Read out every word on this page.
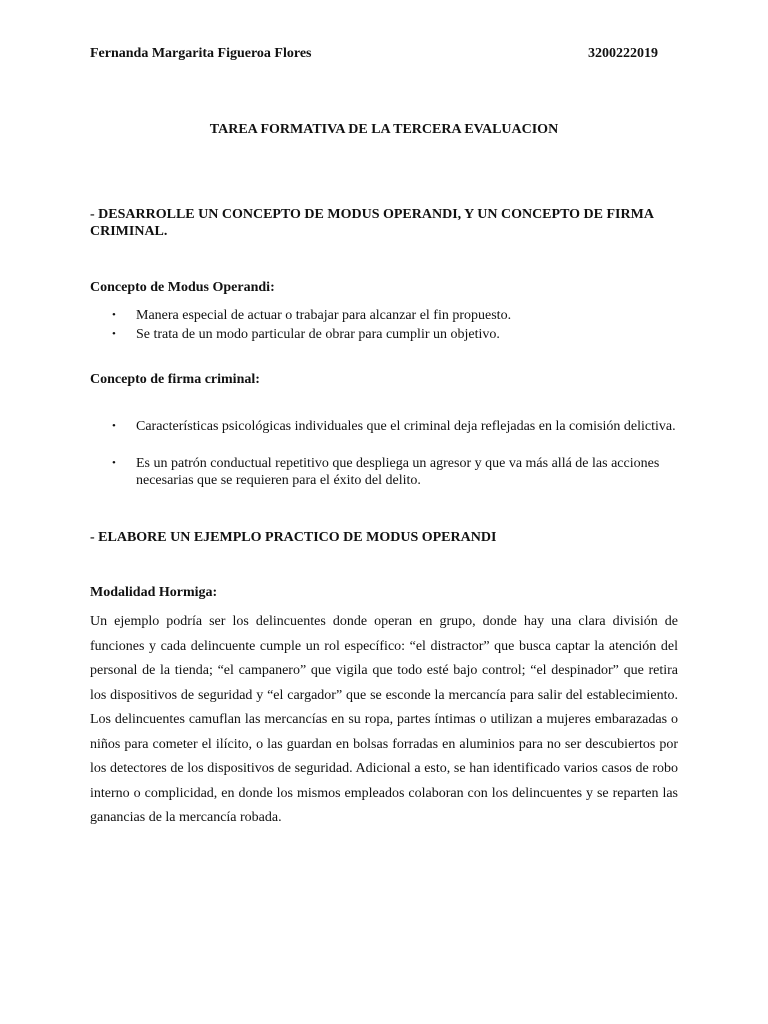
Fernanda Margarita Figueroa Flores	3200222019
TAREA FORMATIVA DE LA TERCERA EVALUACION
- DESARROLLE UN CONCEPTO DE MODUS OPERANDI, Y UN CONCEPTO DE FIRMA CRIMINAL.
Concepto de Modus Operandi:
•	Manera especial de actuar o trabajar para alcanzar el fin propuesto.
•	Se trata de un modo particular de obrar para cumplir un objetivo.
Concepto de firma criminal:
•	Características psicológicas individuales que el criminal deja reflejadas en la comisión delictiva.
•	Es un patrón conductual repetitivo que despliega un agresor y que va más allá de las acciones necesarias que se requieren para el éxito del delito.
- ELABORE UN EJEMPLO PRACTICO DE MODUS OPERANDI
Modalidad Hormiga:
Un ejemplo podría ser los delincuentes donde operan en grupo, donde hay una clara división de funciones y cada delincuente cumple un rol específico: “el distractor” que busca captar la atención del personal de la tienda; “el campanero” que vigila que todo esté bajo control; “el despinador” que retira los dispositivos de seguridad y “el cargador” que se esconde la mercancía para salir del establecimiento. Los delincuentes camuflan las mercancías en su ropa, partes íntimas o utilizan a mujeres embarazadas o niños para cometer el ilícito, o las guardan en bolsas forradas en aluminios para no ser descubiertos por los detectores de los dispositivos de seguridad. Adicional a esto, se han identificado varios casos de robo interno o complicidad, en donde los mismos empleados colaboran con los delincuentes y se reparten las ganancias de la mercancía robada.
